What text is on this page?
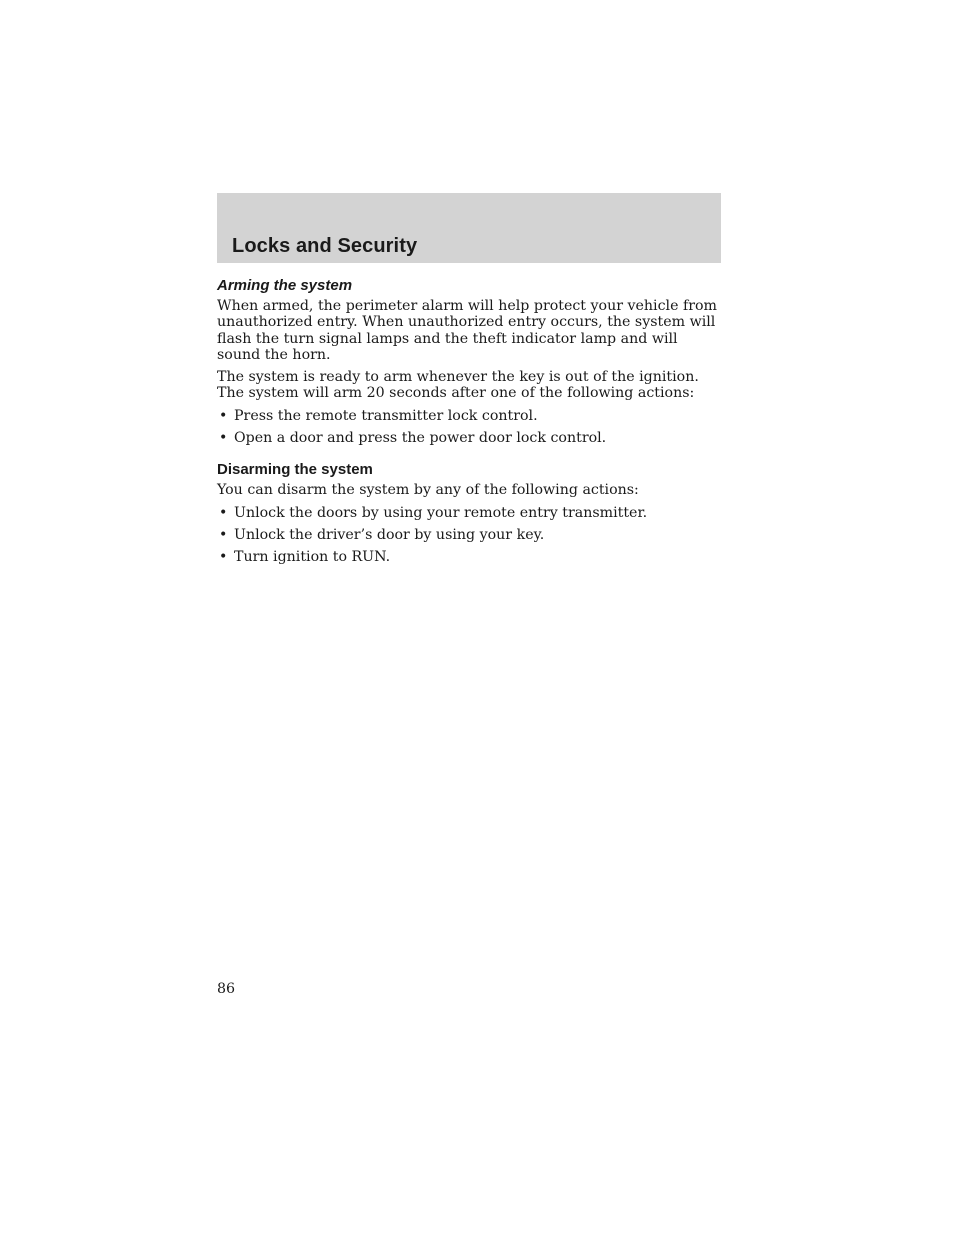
Locks and Security
Arming the system

When armed, the perimeter alarm will help protect your vehicle from unauthorized entry. When unauthorized entry occurs, the system will flash the turn signal lamps and the theft indicator lamp and will sound the horn.

The system is ready to arm whenever the key is out of the ignition. The system will arm 20 seconds after one of the following actions:

• Press the remote transmitter lock control.
• Open a door and press the power door lock control.
Disarming the system

You can disarm the system by any of the following actions:

• Unlock the doors by using your remote entry transmitter.
• Unlock the driver’s door by using your key.
• Turn ignition to RUN.
86
